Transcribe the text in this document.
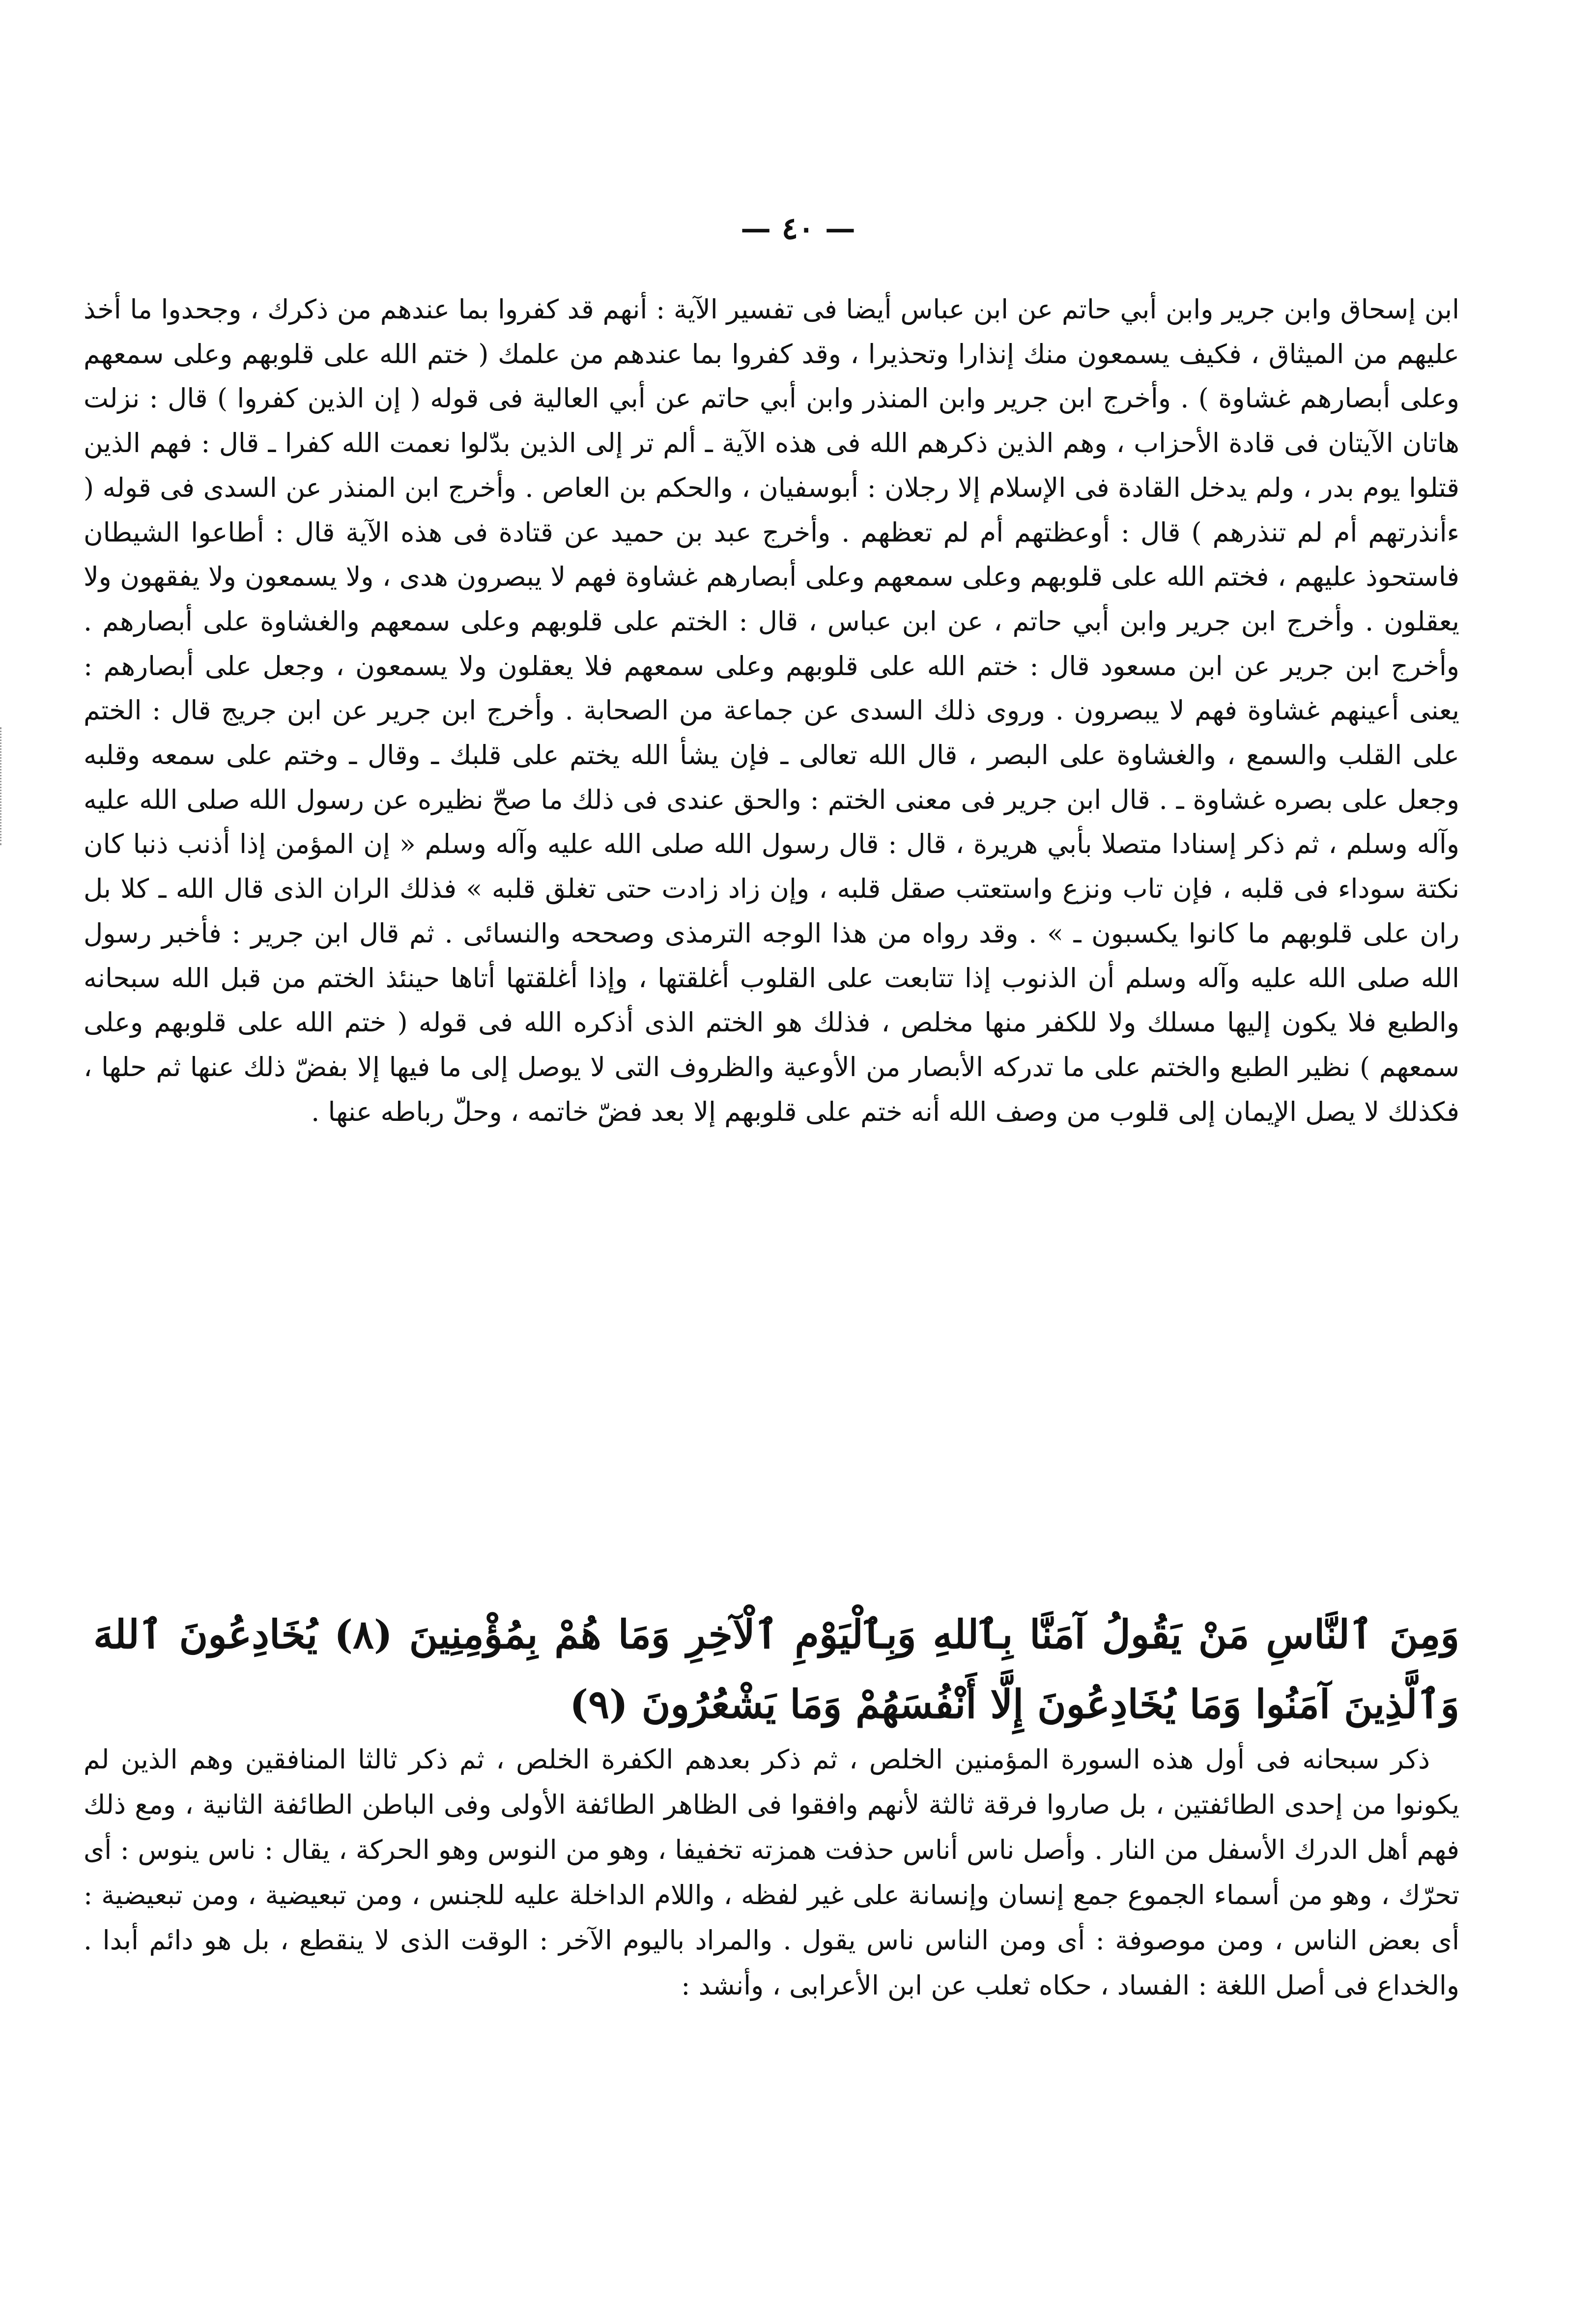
— ٤٠ —

ابن إسحاق وابن جرير وابن أبي حاتم عن ابن عباس أيضا فى تفسير الآية : أنهم قد كفروا بما عندهم من ذكرك ، وجحدوا ما أخذ عليهم من الميثاق ، فكيف يسمعون منك إنذارا وتحذيرا ، وقد كفروا بما عندهم من علمك ( ختم الله على قلوبهم وعلى سمعهم وعلى أبصارهم غشاوة ) . وأخرج ابن جرير وابن المنذر وابن أبي حاتم عن أبي العالية فى قوله ( إن الذين كفروا ) قال : نزلت هاتان الآيتان فى قادة الأحزاب ، وهم الذين ذكرهم الله فى هذه الآية ـ ألم تر إلى الذين بدّلوا نعمت الله كفرا ـ قال : فهم الذين قتلوا يوم بدر ، ولم يدخل القادة فى الإسلام إلا رجلان : أبوسفيان ، والحكم بن العاص . وأخرج ابن المنذر عن السدى فى قوله ( ءأنذرتهم أم لم تنذرهم ) قال : أوعظتهم أم لم تعظهم . وأخرج عبد بن حميد عن قتادة فى هذه الآية قال : أطاعوا الشيطان فاستحوذ عليهم ، فختم الله على قلوبهم وعلى سمعهم وعلى أبصارهم غشاوة فهم لا يبصرون هدى ، ولا يسمعون ولا يفقهون ولا يعقلون . وأخرج ابن جرير وابن أبي حاتم ، عن ابن عباس ، قال : الختم على قلوبهم وعلى سمعهم والغشاوة على أبصارهم . وأخرج ابن جرير عن ابن مسعود قال : ختم الله على قلوبهم وعلى سمعهم فلا يعقلون ولا يسمعون ، وجعل على أبصارهم : يعنى أعينهم غشاوة فهم لا يبصرون . وروى ذلك السدى عن جماعة من الصحابة . وأخرج ابن جرير عن ابن جريج قال : الختم على القلب والسمع ، والغشاوة على البصر ، قال الله تعالى ـ فإن يشأ الله يختم على قلبك ـ وقال ـ وختم على سمعه وقلبه وجعل على بصره غشاوة ـ . قال ابن جرير فى معنى الختم : والحق عندى فى ذلك ما صحّ نظيره عن رسول الله صلى الله عليه وآله وسلم ، ثم ذكر إسنادا متصلا بأبي هريرة ، قال : قال رسول الله صلى الله عليه وآله وسلم « إن المؤمن إذا أذنب ذنبا كان نكتة سوداء فى قلبه ، فإن تاب ونزع واستعتب صقل قلبه ، وإن زاد زادت حتى تغلق قلبه » فذلك الران الذى قال الله ـ كلا بل ران على قلوبهم ما كانوا يكسبون ـ » . وقد رواه من هذا الوجه الترمذى وصححه والنسائى . ثم قال ابن جرير : فأخبر رسول الله صلى الله عليه وآله وسلم أن الذنوب إذا تتابعت على القلوب أغلقتها ، وإذا أغلقتها أتاها حينئذ الختم من قبل الله سبحانه والطبع فلا يكون إليها مسلك ولا للكفر منها مخلص ، فذلك هو الختم الذى أذكره الله فى قوله ( ختم الله على قلوبهم وعلى سمعهم ) نظير الطبع والختم على ما تدركه الأبصار من الأوعية والظروف التى لا يوصل إلى ما فيها إلا بفضّ ذلك عنها ثم حلها ، فكذلك لا يصل الإيمان إلى قلوب من وصف الله أنه ختم على قلوبهم إلا بعد فضّ خاتمه ، وحلّ رباطه عنها .

وَمِنَ ٱلنَّاسِ مَنْ يَقُولُ آمَنَّا بِٱللهِ وَبِٱلْيَوْمِ ٱلْآخِرِ وَمَا هُمْ بِمُؤْمِنِينَ (٨) يُخَادِعُونَ ٱللهَ وَٱلَّذِينَ آمَنُوا وَمَا يُخَادِعُونَ إِلَّا أَنْفُسَهُمْ وَمَا يَشْعُرُونَ (٩)

ذكر سبحانه فى أول هذه السورة المؤمنين الخلص ، ثم ذكر بعدهم الكفرة الخلص ، ثم ذكر ثالثا المنافقين وهم الذين لم يكونوا من إحدى الطائفتين ، بل صاروا فرقة ثالثة لأنهم وافقوا فى الظاهر الطائفة الأولى وفى الباطن الطائفة الثانية ، ومع ذلك فهم أهل الدرك الأسفل من النار . وأصل ناس أناس حذفت همزته تخفيفا ، وهو من النوس وهو الحركة ، يقال : ناس ينوس : أى تحرّك ، وهو من أسماء الجموع جمع إنسان وإنسانة على غير لفظه ، واللام الداخلة عليه للجنس ، ومن تبعيضية ، ومن تبعيضية : أى بعض الناس ، ومن موصوفة : أى ومن الناس ناس يقول . والمراد باليوم الآخر : الوقت الذى لا ينقطع ، بل هو دائم أبدا . والخداع فى أصل اللغة : الفساد ، حكاه ثعلب عن ابن الأعرابى ، وأنشد :
